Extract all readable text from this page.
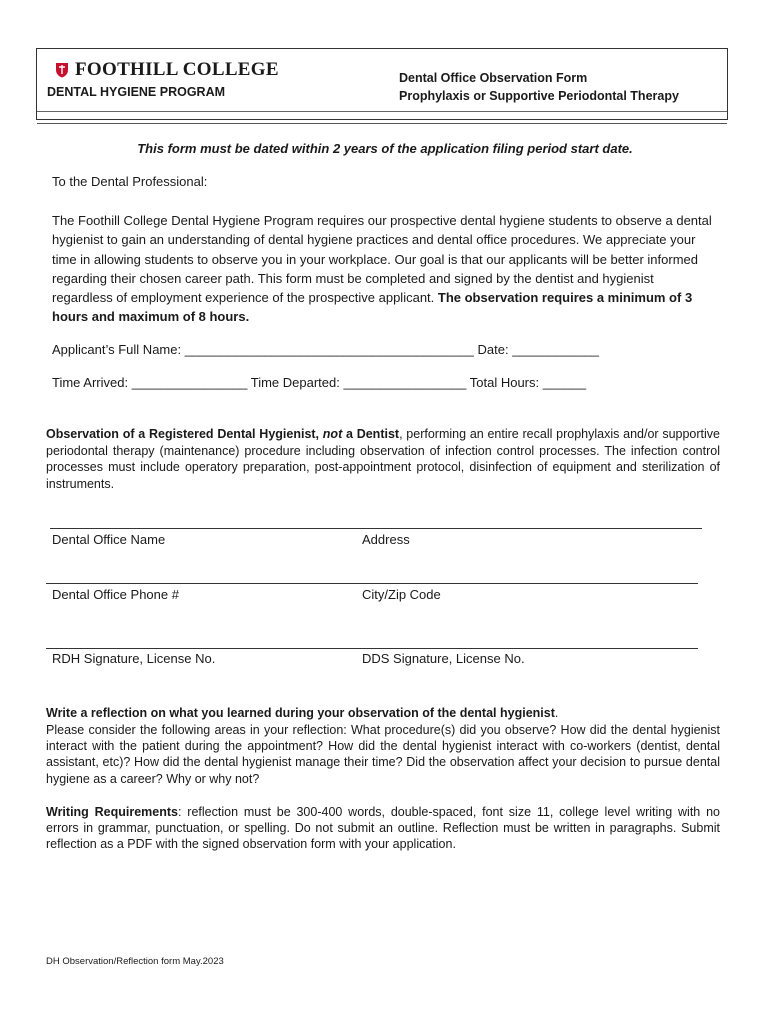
FOOTHILL COLLEGE
DENTAL HYGIENE PROGRAM
Dental Office Observation Form
Prophylaxis or Supportive Periodontal Therapy
This form must be dated within 2 years of the application filing period start date.
To the Dental Professional:
The Foothill College Dental Hygiene Program requires our prospective dental hygiene students to observe a dental hygienist to gain an understanding of dental hygiene practices and dental office procedures. We appreciate your time in allowing students to observe you in your workplace. Our goal is that our applicants will be better informed regarding their chosen career path. This form must be completed and signed by the dentist and hygienist regardless of employment experience of the prospective applicant. The observation requires a minimum of 3 hours and maximum of 8 hours.
Applicant’s Full Name: ________________________________________ Date: ____________
Time Arrived: ________________ Time Departed: _________________ Total Hours: ______
Observation of a Registered Dental Hygienist, not a Dentist, performing an entire recall prophylaxis and/or supportive periodontal therapy (maintenance) procedure including observation of infection control processes. The infection control processes must include operatory preparation, post-appointment protocol, disinfection of equipment and sterilization of instruments.
Dental Office Name	Address
Dental Office Phone #	City/Zip Code
RDH Signature, License No.	DDS Signature, License No.
Write a reflection on what you learned during your observation of the dental hygienist.
Please consider the following areas in your reflection: What procedure(s) did you observe? How did the dental hygienist interact with the patient during the appointment? How did the dental hygienist interact with co-workers (dentist, dental assistant, etc)? How did the dental hygienist manage their time? Did the observation affect your decision to pursue dental hygiene as a career? Why or why not?
Writing Requirements: reflection must be 300-400 words, double-spaced, font size 11, college level writing with no errors in grammar, punctuation, or spelling. Do not submit an outline. Reflection must be written in paragraphs. Submit reflection as a PDF with the signed observation form with your application.
DH Observation/Reflection form May.2023
